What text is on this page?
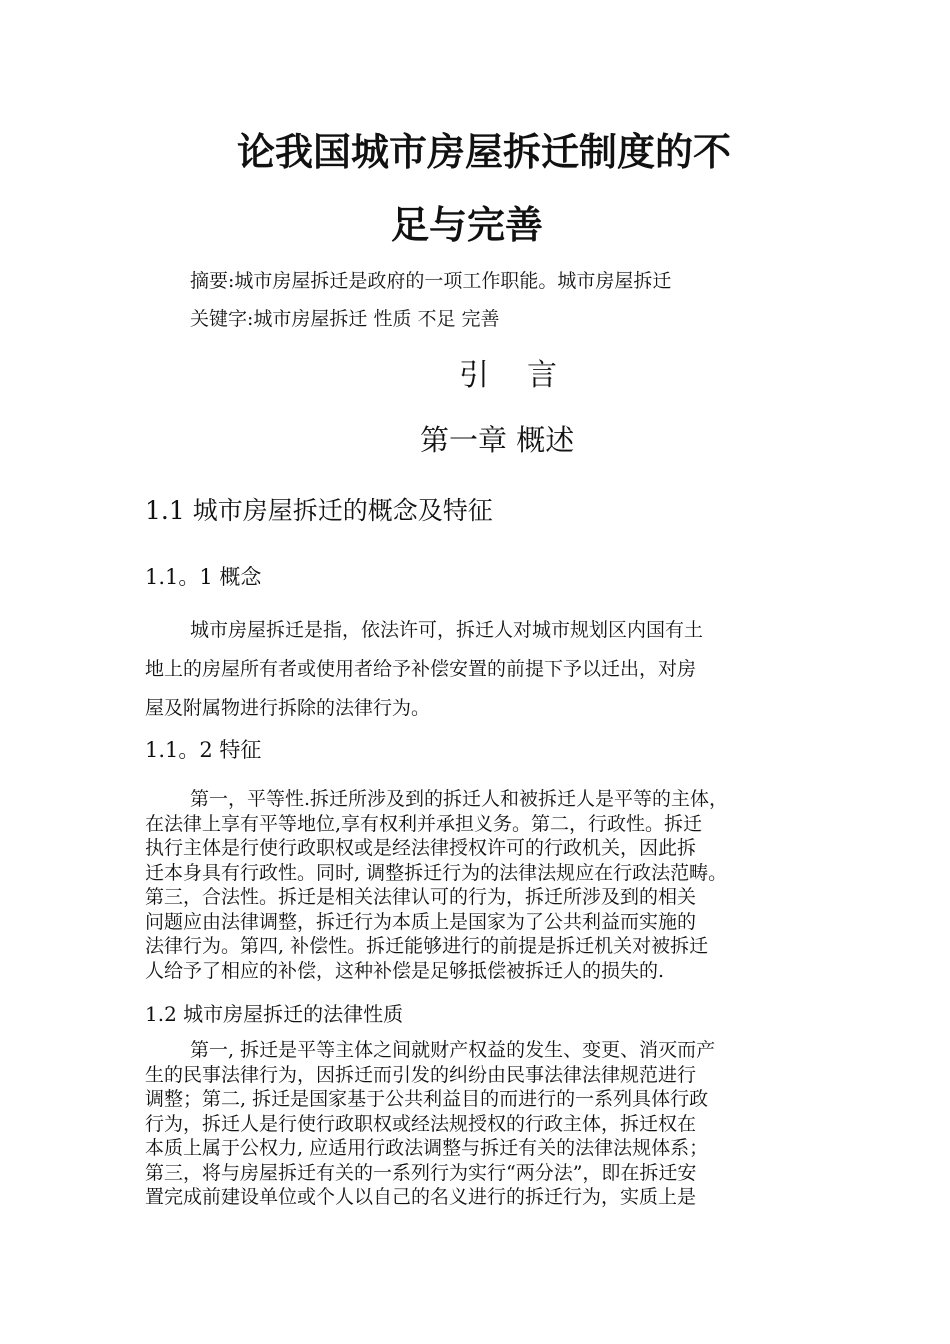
论我国城市房屋拆迁制度的不
足与完善
摘要:城市房屋拆迁是政府的一项工作职能。城市房屋拆迁
关键字:城市房屋拆迁 性质 不足 完善
引言
第一章 概述
1.1 城市房屋拆迁的概念及特征
1.1。1 概念
城市房屋拆迁是指，依法许可，拆迁人对城市规划区内国有土
地上的房屋所有者或使用者给予补偿安置的前提下予以迁出，对房
屋及附属物进行拆除的法律行为。
1.1。2 特征
第一，平等性.拆迁所涉及到的拆迁人和被拆迁人是平等的主体，
在法律上享有平等地位,享有权利并承担义务。第二，行政性。拆迁
执行主体是行使行政职权或是经法律授权许可的行政机关，因此拆
迁本身具有行政性。同时, 调整拆迁行为的法律法规应在行政法范畴。
第三，合法性。拆迁是相关法律认可的行为，拆迁所涉及到的相关
问题应由法律调整，拆迁行为本质上是国家为了公共利益而实施的
法律行为。第四, 补偿性。拆迁能够进行的前提是拆迁机关对被拆迁
人给予了相应的补偿，这种补偿是足够抵偿被拆迁人的损失的.
1.2 城市房屋拆迁的法律性质
第一, 拆迁是平等主体之间就财产权益的发生、变更、消灭而产
生的民事法律行为，因拆迁而引发的纠纷由民事法律法律规范进行
调整；第二, 拆迁是国家基于公共利益目的而进行的一系列具体行政
行为，拆迁人是行使行政职权或经法规授权的行政主体，拆迁权在
本质上属于公权力, 应适用行政法调整与拆迁有关的法律法规体系；
第三，将与房屋拆迁有关的一系列行为实行“两分法”，即在拆迁安
置完成前建设单位或个人以自己的名义进行的拆迁行为，实质上是
